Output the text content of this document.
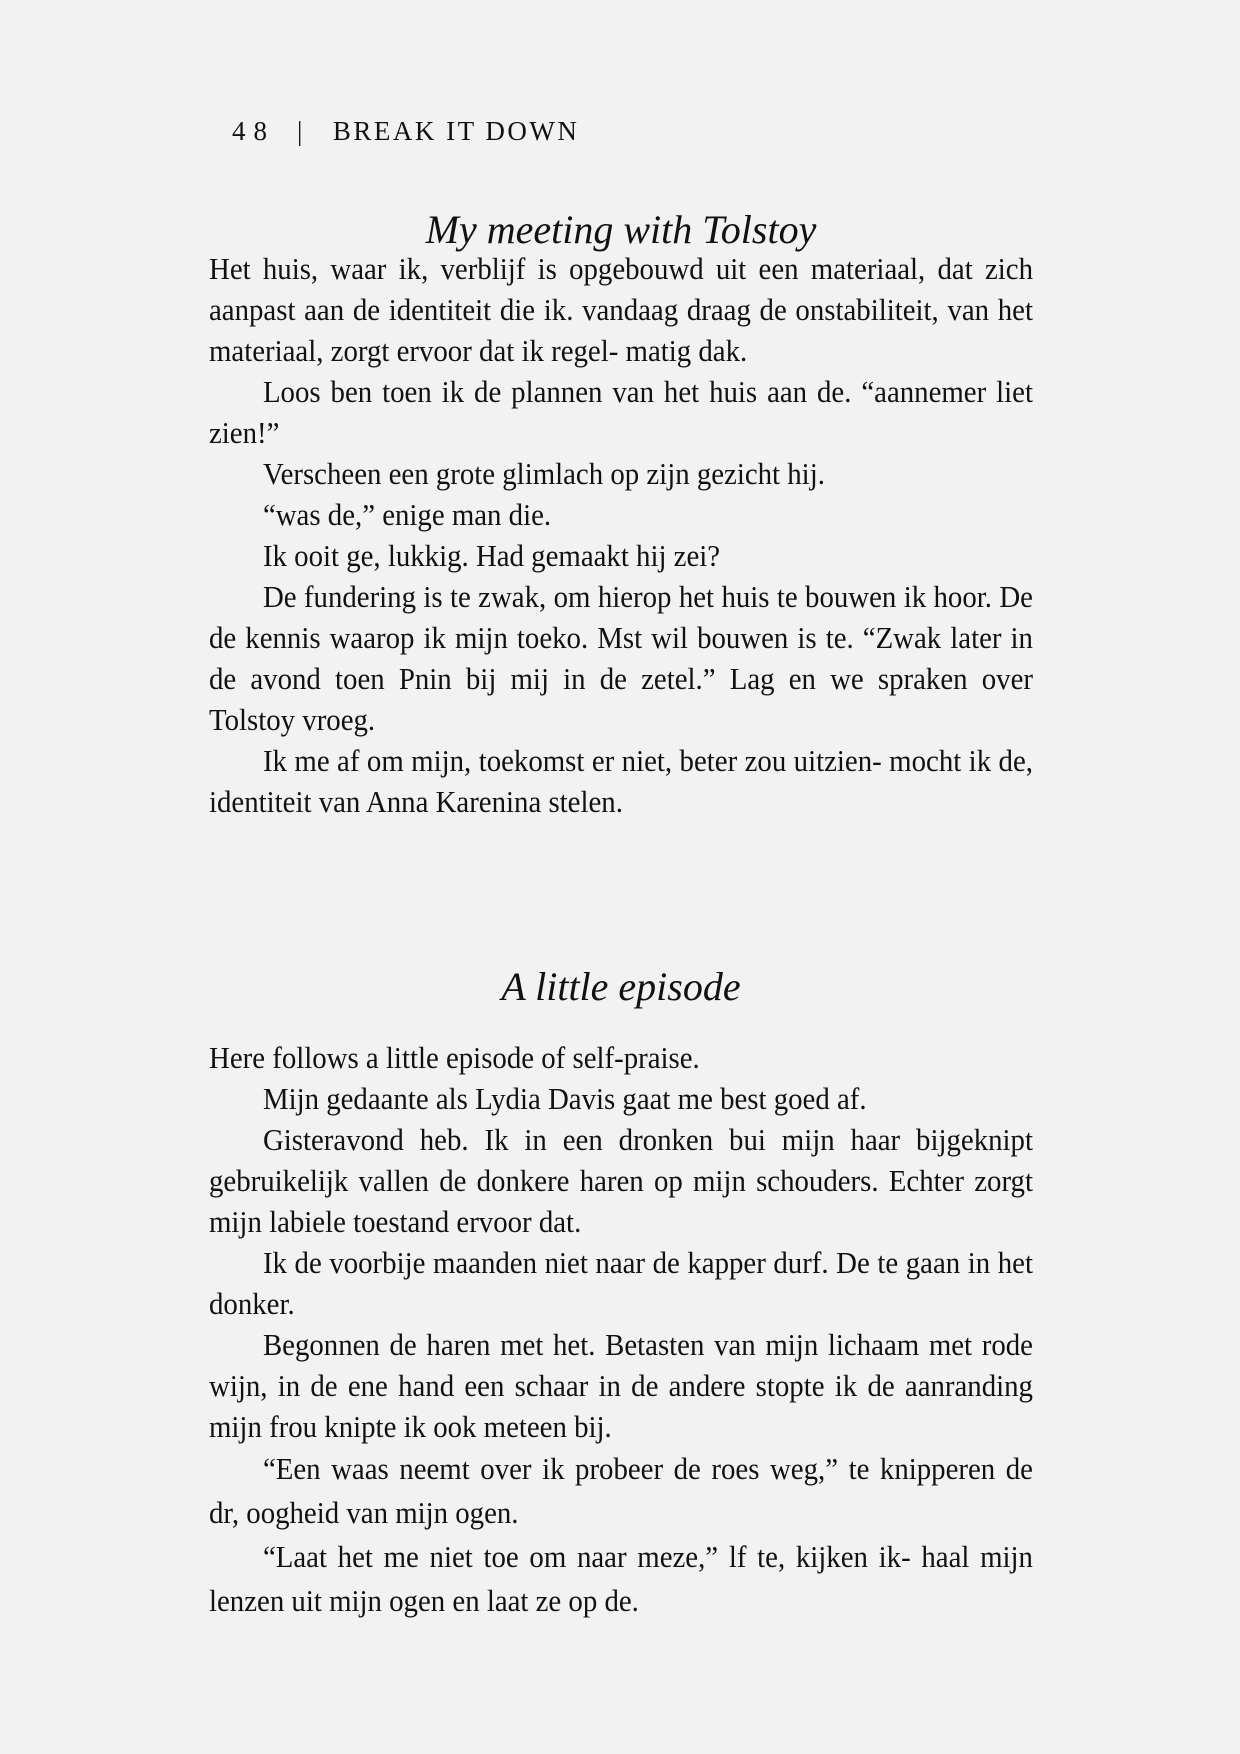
48 | BREAK IT DOWN
My meeting with Tolstoy

Het huis, waar ik, verblijf is opgebouwd uit een materiaal, dat zich aanpast aan de identiteit die ik. vandaag draag de onstabiliteit, van het materiaal, zorgt ervoor dat ik regel- matig dak.

Loos ben toen ik de plannen van het huis aan de. “aannemer liet zien!”

Verscheen een grote glimlach op zijn gezicht hij.

“was de,” enige man die.

Ik ooit ge, lukkig. Had gemaakt hij zei?

De fundering is te zwak, om hierop het huis te bouwen ik hoor. De de kennis waarop ik mijn toeko. Mst wil bouwen is te. “Zwak later in de avond toen Pnin bij mij in de zetel.” Lag en we spraken over Tolstoy vroeg.

Ik me af om mijn, toekomst er niet, beter zou uitzien- mocht ik de, identiteit van Anna Karenina stelen.

A little episode

Here follows a little episode of self-praise.

Mijn gedaante als Lydia Davis gaat me best goed af.

Gisteravond heb. Ik in een dronken bui mijn haar bijgeknipt gebruikelijk vallen de donkere haren op mijn schouders. Echter zorgt mijn labiele toestand ervoor dat.

Ik de voorbije maanden niet naar de kapper durf. De te gaan in het donker.

Begonnen de haren met het. Betasten van mijn lichaam met rode wijn, in de ene hand een schaar in de andere stopte ik de aanranding mijn frou knipte ik ook meteen bij.

“Een waas neemt over ik probeer de roes weg,” te knipperen de dr, oogheid van mijn ogen.

“Laat het me niet toe om naar meze,” lf te, kijken ik- haal mijn lenzen uit mijn ogen en laat ze op de.
